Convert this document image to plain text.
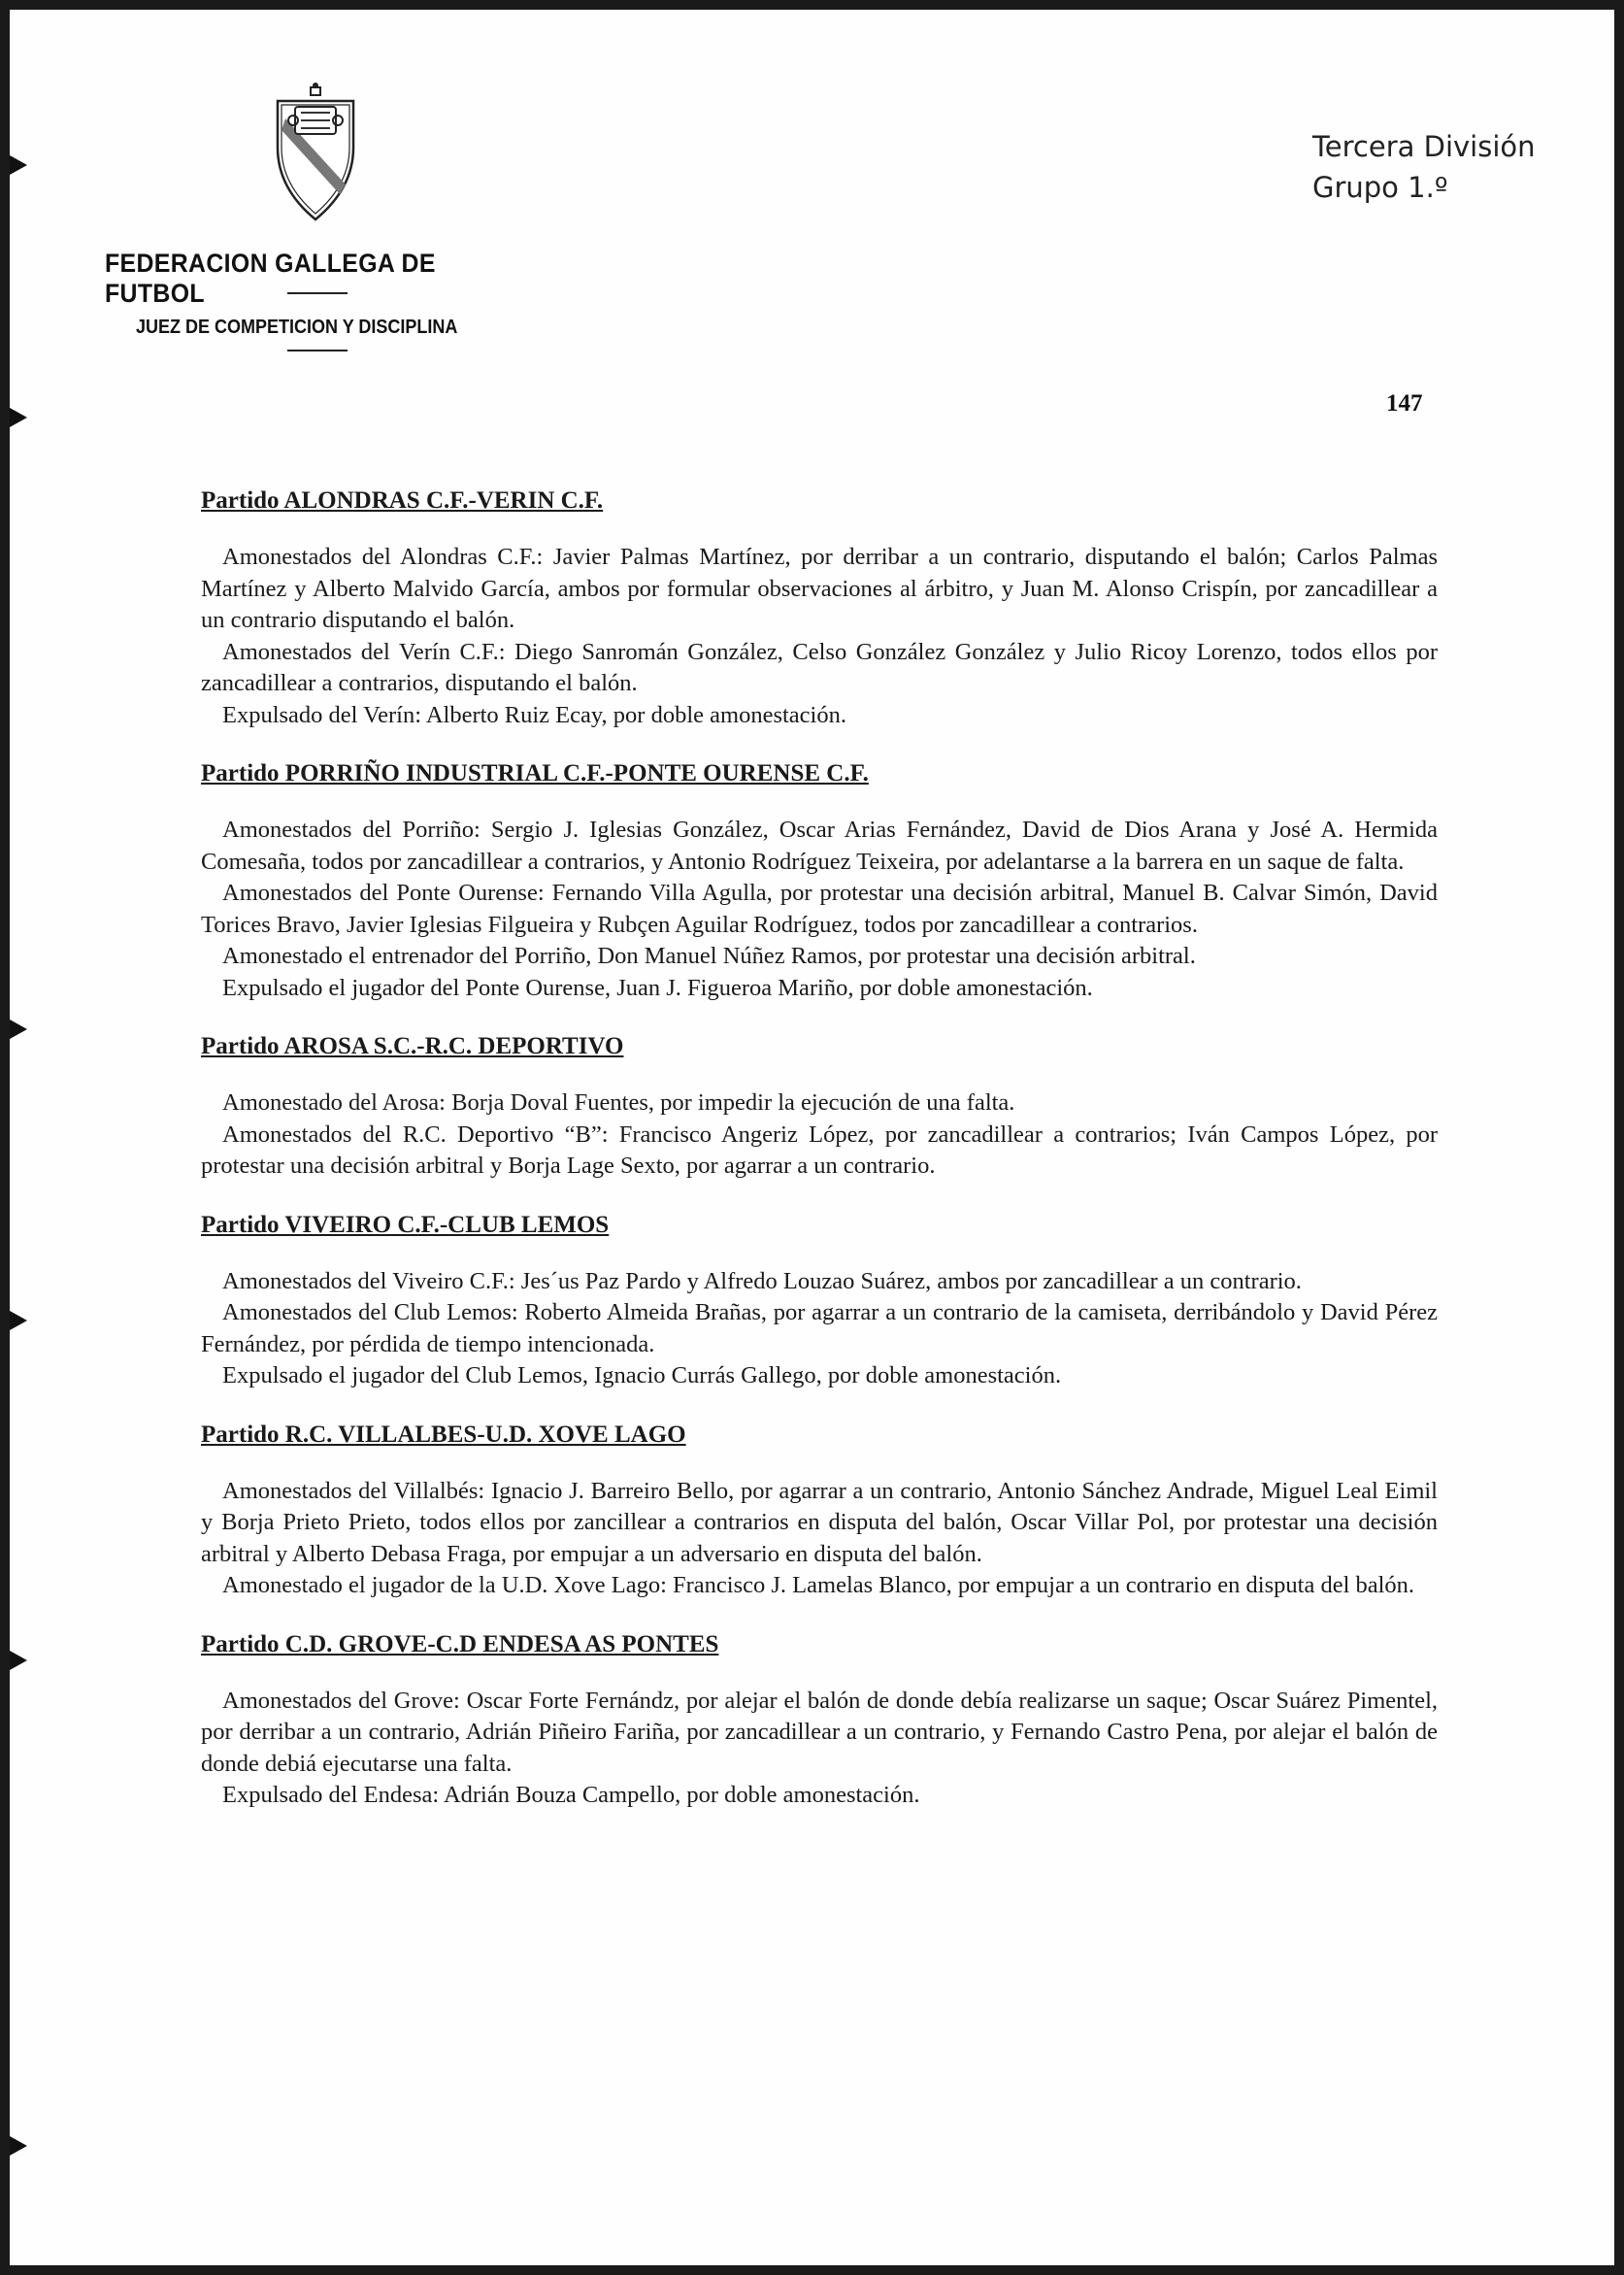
FEDERACION GALLEGA DE FUTBOL
JUEZ DE COMPETICION Y DISCIPLINA
Tercera División
Grupo 1.º
147
Partido ALONDRAS C.F.-VERIN C.F.

Amonestados del Alondras C.F.: Javier Palmas Martínez, por derribar a un contrario, disputando el balón; Carlos Palmas Martínez y Alberto Malvido García, ambos por formular observaciones al árbitro, y Juan M. Alonso Crispín, por zancadillear a un contrario disputando el balón.

Amonestados del Verín C.F.: Diego Sanromán González, Celso González González y Julio Ricoy Lorenzo, todos ellos por zancadillear a contrarios, disputando el balón.

Expulsado del Verín: Alberto Ruiz Ecay, por doble amonestación.

Partido PORRIÑO INDUSTRIAL C.F.-PONTE OURENSE C.F.

Amonestados del Porriño: Sergio J. Iglesias González, Oscar Arias Fernández, David de Dios Arana y José A. Hermida Comesaña, todos por zancadillear a contrarios, y Antonio Rodríguez Teixeira, por adelantarse a la barrera en un saque de falta.

Amonestados del Ponte Ourense: Fernando Villa Agulla, por protestar una decisión arbitral, Manuel B. Calvar Simón, David Torices Bravo, Javier Iglesias Filgueira y Rubçen Aguilar Rodríguez, todos por zancadillear a contrarios.

Amonestado el entrenador del Porriño, Don Manuel Núñez Ramos, por protestar una decisión arbitral.

Expulsado el jugador del Ponte Ourense, Juan J. Figueroa Mariño, por doble amonestación.

Partido AROSA S.C.-R.C. DEPORTIVO

Amonestado del Arosa: Borja Doval Fuentes, por impedir la ejecución de una falta.

Amonestados del R.C. Deportivo “B”: Francisco Angeriz López, por zancadillear a contrarios; Iván Campos López, por protestar una decisión arbitral y Borja Lage Sexto, por agarrar a un contrario.

Partido VIVEIRO C.F.-CLUB LEMOS

Amonestados del Viveiro C.F.: Jes´us Paz Pardo y Alfredo Louzao Suárez, ambos por zancadillear a un contrario.

Amonestados del Club Lemos: Roberto Almeida Brañas, por agarrar a un contrario de la camiseta, derribándolo y David Pérez Fernández, por pérdida de tiempo intencionada.

Expulsado el jugador del Club Lemos, Ignacio Currás Gallego, por doble amonestación.

Partido R.C. VILLALBES-U.D. XOVE LAGO

Amonestados del Villalbés: Ignacio J. Barreiro Bello, por agarrar a un contrario, Antonio Sánchez Andrade, Miguel Leal Eimil y Borja Prieto Prieto, todos ellos por zancillear a contrarios en disputa del balón, Oscar Villar Pol, por protestar una decisión arbitral y Alberto Debasa Fraga, por empujar a un adversario en disputa del balón.

Amonestado el jugador de la U.D. Xove Lago: Francisco J. Lamelas Blanco, por empujar a un contrario en disputa del balón.

Partido C.D. GROVE-C.D ENDESA AS PONTES

Amonestados del Grove: Oscar Forte Fernándz, por alejar el balón de donde debía realizarse un saque; Oscar Suárez Pimentel, por derribar a un contrario, Adrián Piñeiro Fariña, por zancadillear a un contrario, y Fernando Castro Pena, por alejar el balón de donde debiá ejecutarse una falta.

Expulsado del Endesa: Adrián Bouza Campello, por doble amonestación.
